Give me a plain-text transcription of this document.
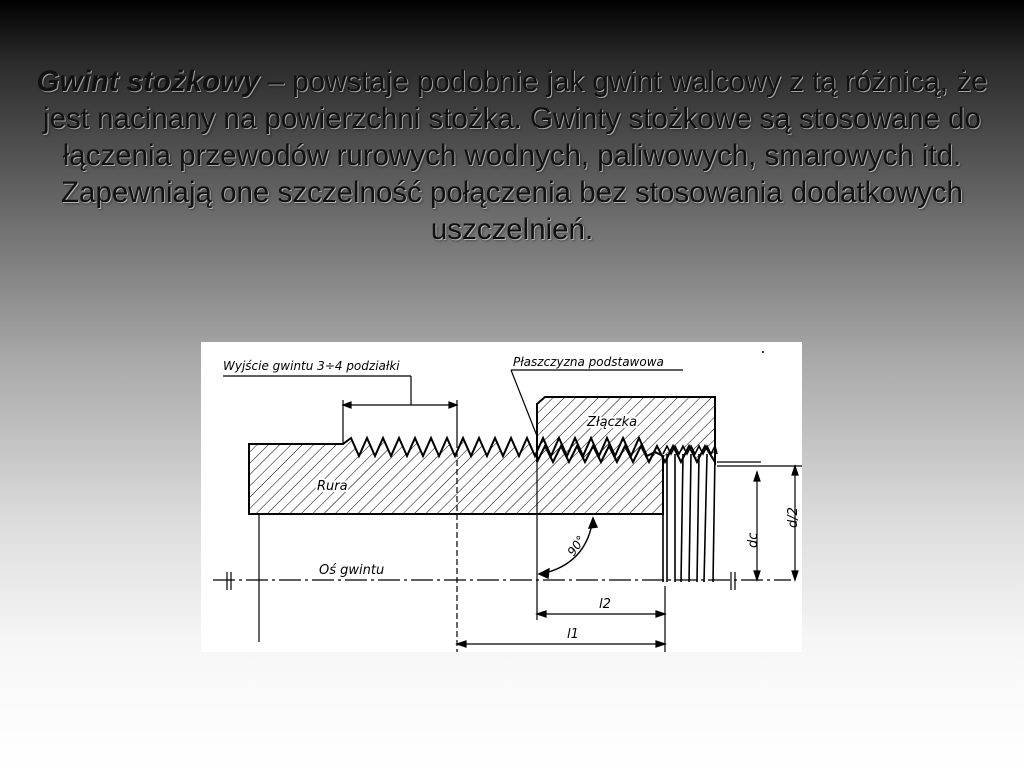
Gwint stożkowy – powstaje podobnie jak gwint walcowy z tą różnicą, że jest nacinany na powierzchni stożka. Gwinty stożkowe są stosowane do łączenia przewodów rurowych wodnych, paliwowych, smarowych itd. Zapewniają one szczelność połączenia bez stosowania dodatkowych uszczelnień.
Wyjście gwintu 3÷4 podziałki	Płaszczyzna podstawowa
Złączka
Rura
Oś gwintu
90°
l2
l1
dc
d/2
